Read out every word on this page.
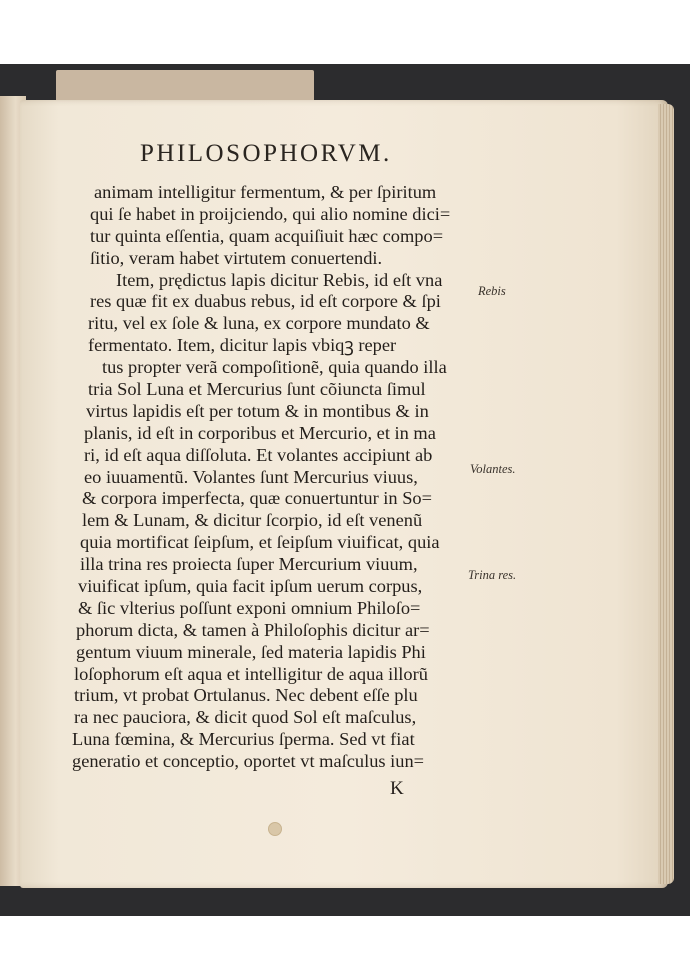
PHILOSOPHORVM.
animam intelligitur fermentum, & per ſpiritum
qui ſe habet in proijciendo, qui alio nomine dici=
tur quinta eſſentia, quam acquiſiuit hæc compo=
ſitio, veram habet virtutem conuertendi.
Item, prędictus lapis dicitur Rebis, id eſt vna
res quæ fit ex duabus rebus, id eſt corpore & ſpi
ritu, vel ex ſole & luna, ex corpore mundato &
fermentato. Item, dicitur lapis vbiqꝫ reper
tus propter verã compoſitionẽ, quia quando illa
tria Sol Luna et Mercurius ſunt cõiuncta ſimul
virtus lapidis eſt per totum & in montibus & in
planis, id eſt in corporibus et Mercurio, et in ma
ri, id eſt aqua diſſoluta. Et volantes accipiunt ab
eo iuuamentũ. Volantes ſunt Mercurius viuus,
& corpora imperfecta, quæ conuertuntur in So=
lem & Lunam, & dicitur ſcorpio, id eſt venenũ
quia mortificat ſeipſum, et ſeipſum viuificat, quia
illa trina res proiecta ſuper Mercurium viuum,
viuificat ipſum, quia facit ipſum uerum corpus,
& ſic vlterius poſſunt exponi omnium Philoſo=
phorum dicta, & tamen à Philoſophis dicitur ar=
gentum viuum minerale, ſed materia lapidis Phi
loſophorum eſt aqua et intelligitur de aqua illorũ
trium, vt probat Ortulanus. Nec debent eſſe plu
ra nec pauciora, & dicit quod Sol eſt maſculus,
Luna fœmina, & Mercurius ſperma. Sed vt fiat
generatio et conceptio, oportet vt maſculus iun=
Rebis
Volantes.
Trina res.
K
